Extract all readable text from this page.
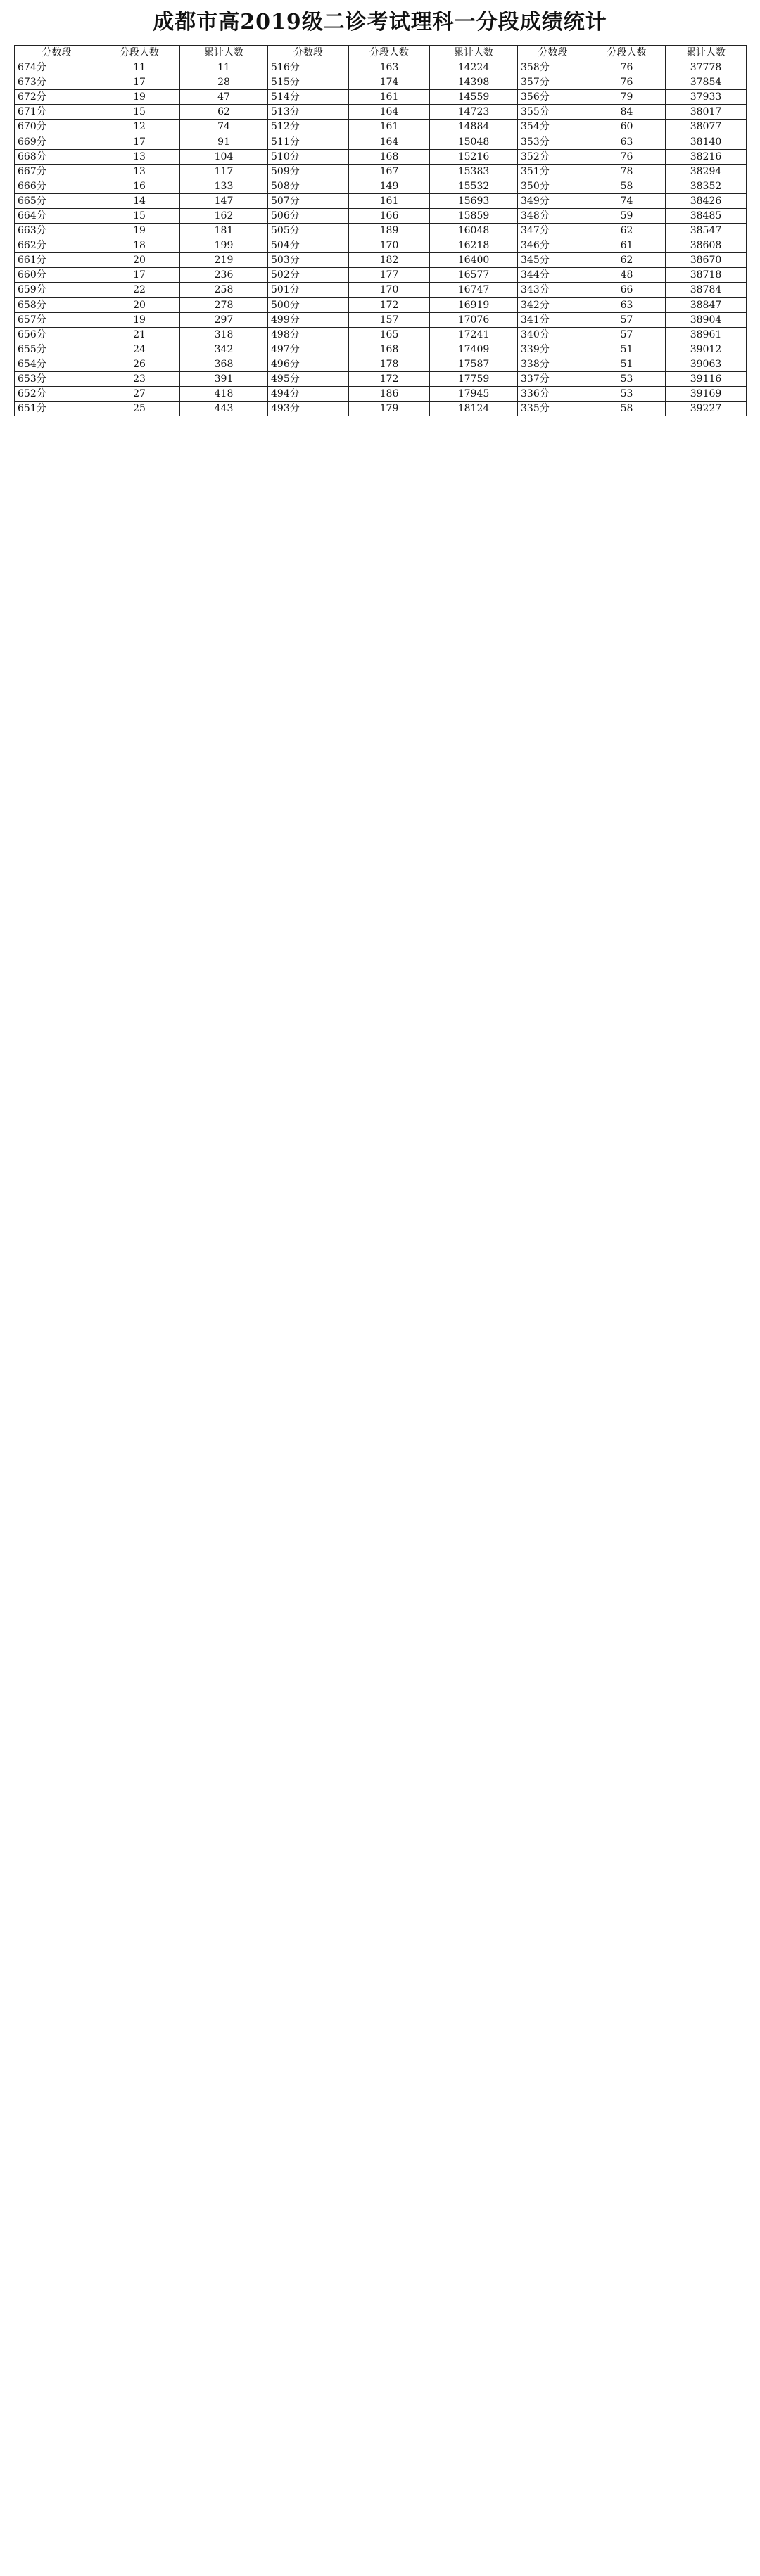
成都市高2019级二诊考试理科一分段成绩统计
分数段	分段人数	累计人数	分数段	分段人数	累计人数	分数段	分段人数	累计人数
674分	11	11	516分	163	14224	358分	76	37778
673分	17	28	515分	174	14398	357分	76	37854
672分	19	47	514分	161	14559	356分	79	37933
671分	15	62	513分	164	14723	355分	84	38017
670分	12	74	512分	161	14884	354分	60	38077
669分	17	91	511分	164	15048	353分	63	38140
668分	13	104	510分	168	15216	352分	76	38216
667分	13	117	509分	167	15383	351分	78	38294
666分	16	133	508分	149	15532	350分	58	38352
665分	14	147	507分	161	15693	349分	74	38426
664分	15	162	506分	166	15859	348分	59	38485
663分	19	181	505分	189	16048	347分	62	38547
662分	18	199	504分	170	16218	346分	61	38608
661分	20	219	503分	182	16400	345分	62	38670
660分	17	236	502分	177	16577	344分	48	38718
659分	22	258	501分	170	16747	343分	66	38784
658分	20	278	500分	172	16919	342分	63	38847
657分	19	297	499分	157	17076	341分	57	38904
656分	21	318	498分	165	17241	340分	57	38961
655分	24	342	497分	168	17409	339分	51	39012
654分	26	368	496分	178	17587	338分	51	39063
653分	23	391	495分	172	17759	337分	53	39116
652分	27	418	494分	186	17945	336分	53	39169
651分	25	443	493分	179	18124	335分	58	39227
